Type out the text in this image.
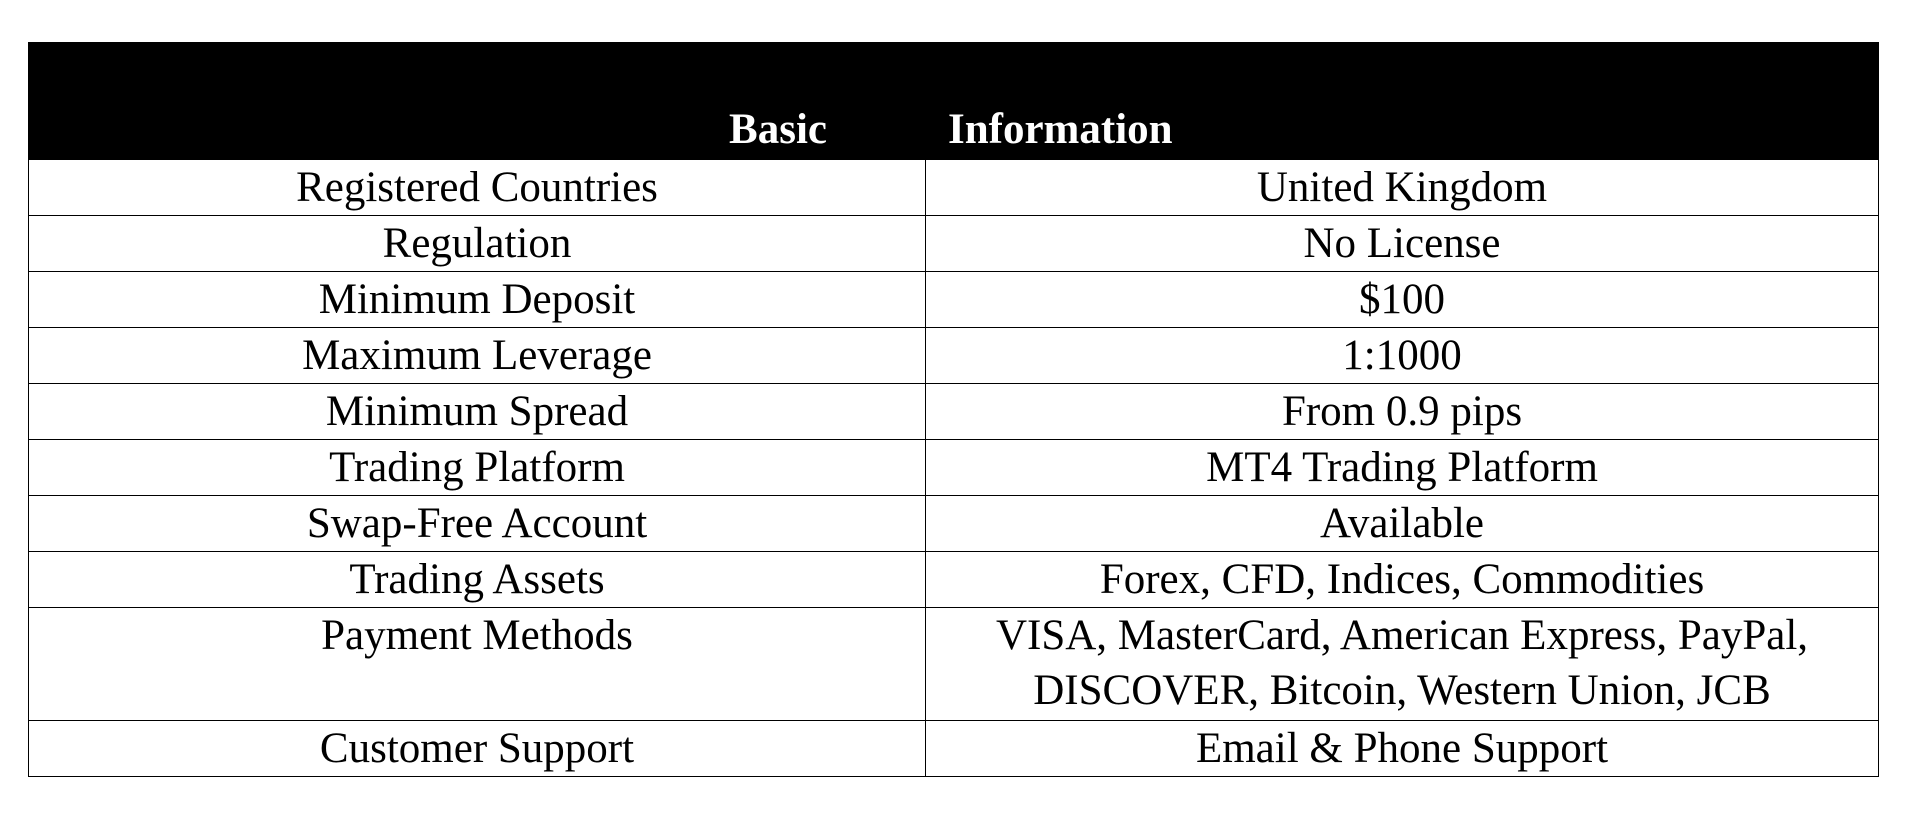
Basic	Information
Registered Countries	United Kingdom
Regulation	No License
Minimum Deposit	$100
Maximum Leverage	1:1000
Minimum Spread	From 0.9 pips
Trading Platform	MT4 Trading Platform
Swap-Free Account	Available
Trading Assets	Forex, CFD, Indices, Commodities
Payment Methods	VISA, MasterCard, American Express, PayPal,
DISCOVER, Bitcoin, Western Union, JCB
Customer Support	Email & Phone Support
